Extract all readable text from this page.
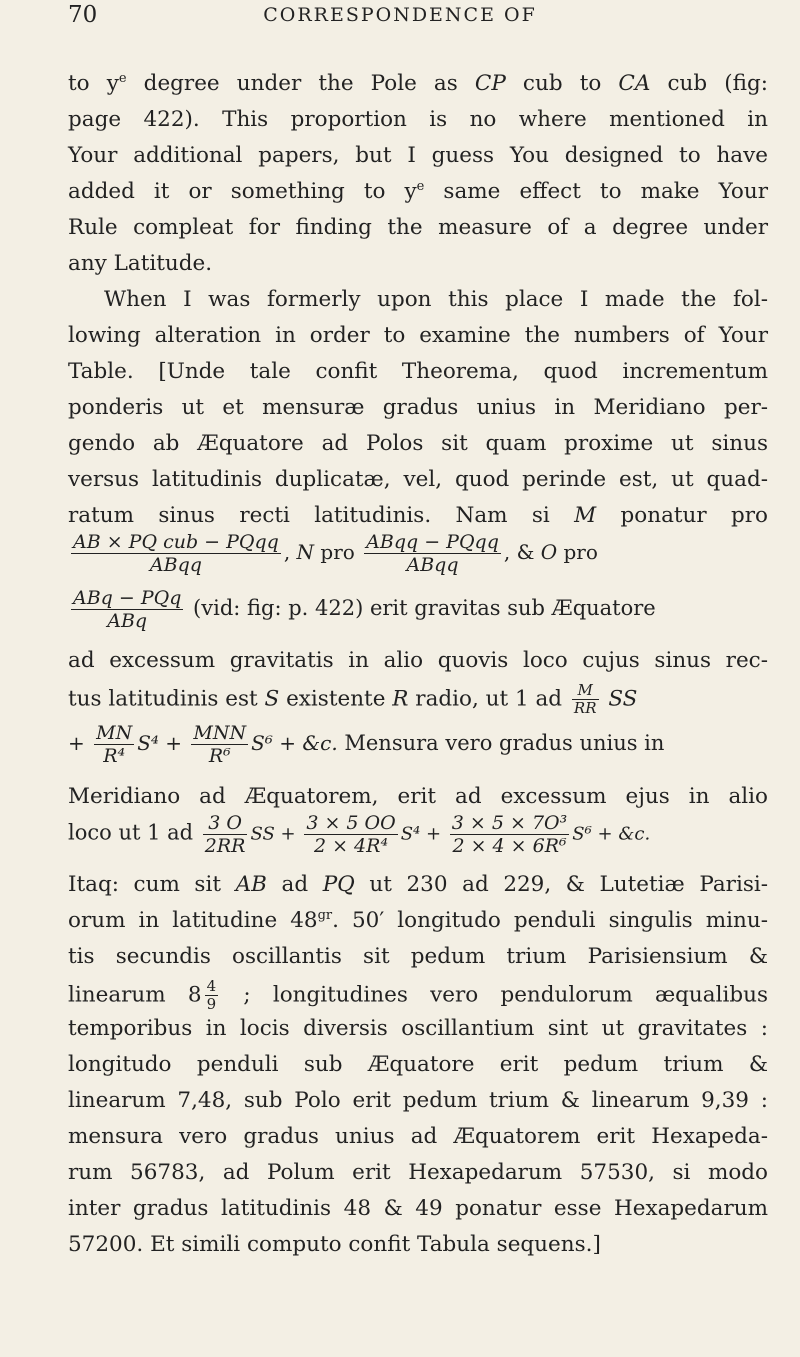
70	CORRESPONDENCE OF
to $y^e$ degree under the Pole as CP cub to CA cub (fig:
page 422). This proportion is no where mentioned in
Your additional papers, but I guess You designed to have
added it or something to $y^e$ same effect to make Your
Rule compleat for finding the measure of a degree under
any Latitude.
When I was formerly upon this place I made the fol-
lowing alteration in order to examine the numbers of Your
Table. [Unde tale confit Theorema, quod incrementum
ponderis ut et mensuræ gradus unius in Meridiano per-
gendo ab Æquatore ad Polos sit quam proxime ut sinus
versus latitudinis duplicatæ, vel, quod perinde est, ut quad-
ratum sinus recti latitudinis. Nam si M ponatur pro
$\frac{\text{AB × PQ cub − PQqq}}{\text{ABqq}}$ , N pro $\frac{\text{ABqq − PQqq}}{\text{ABqq}}$ , & O pro
$\frac{\text{ABq − PQq}}{\text{ABq}} (vid$: fig: p. 422) erit gravitas sub Æquatore
ad excessum gravitatis in alio quovis loco cujus sinus rec-
tus latitudinis est S existente R radio, ut 1 ad $\frac{M}{RR}$ SS
+ $\frac{MN}{\text{R⁴}} S^4 + \frac{\text{MNN}}{\text{R⁶}} S^6$ + &c. Mensura vero gradus unius in
Meridiano ad Æquatorem, erit ad excessum ejus in alio
loco ut 1 ad $\frac{3 O}{2RR}$ SS + $\frac{3 \times 5 OO}{\text{2 × 4R⁴}} S^4 + \frac{\text{3 × 5 × 7O³}}{\text{2 × 4 × 6R⁶}} S^6$ + &c.
Itaq: cum sit AB ad PQ ut 230 ad 229, & Lutetiæ Parisi-
orum in latitudine $48^{gr}$. 50′ longitudo penduli singulis minu-
tis secundis oscillantis sit pedum trium Parisiensium &
linearum $8 \frac{4}{9}$ ; longitudines vero pendulorum æqualibus
temporibus in locis diversis oscillantium sint ut gravitates :
longitudo penduli sub Æquatore erit pedum trium &
linearum 7,48, sub Polo erit pedum trium & linearum 9,39 :
mensura vero gradus unius ad Æquatorem erit Hexapeda-
rum 56783, ad Polum erit Hexapedarum 57530, si modo
inter gradus latitudinis 48 & 49 ponatur esse Hexapedarum
57200. Et simili computo confit Tabula sequens.]
